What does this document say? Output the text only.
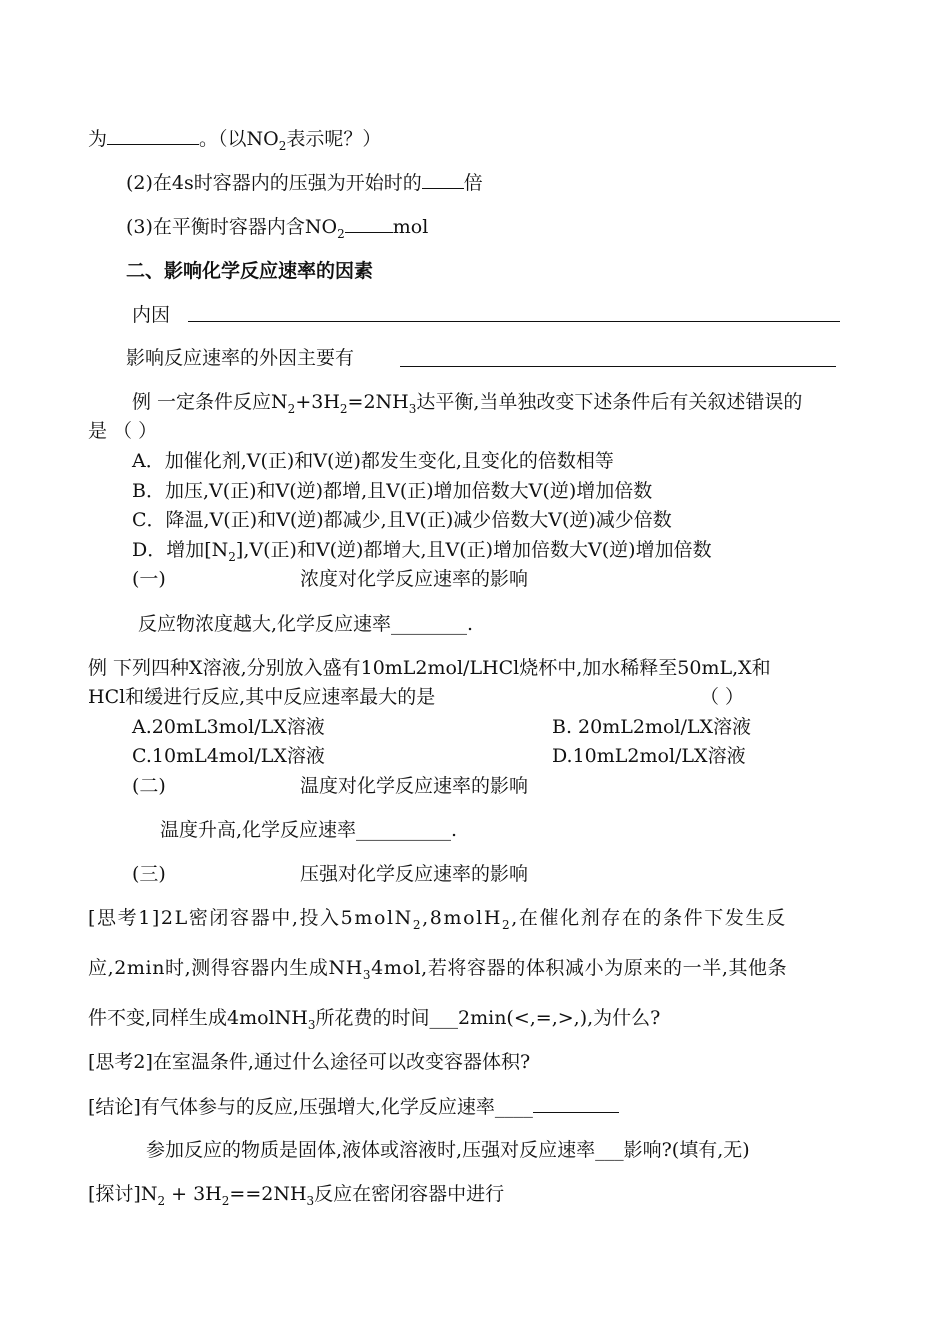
为	。（以$NO_2$表示呢？）
(2)在4s时容器内的压强为开始时的 倍
(3)在平衡时容器内含$NO_2$	mol
二、影响化学反应速率的因素
内因
影响反应速率的外因主要有
例 一定条件反应$N_2+3H_2=2NH_3$达平衡,当单独改变下述条件后有关叙述错误的
是 （ ）
A．加催化剂,V(正)和V(逆)都发生变化,且变化的倍数相等
B．加压,V(正)和V(逆)都增,且V(正)增加倍数大V(逆)增加倍数
C．降温,V(正)和V(逆)都减少,且V(正)减少倍数大V(逆)减少倍数
D．增加$[N_2],V$(正)和V(逆)都增大,且V(正)增加倍数大V(逆)增加倍数
(一)	浓度对化学反应速率的影响
反应物浓度越大,化学反应速率________.
例 下列四种X溶液,分别放入盛有10mL2mol/LHCl烧杯中,加水稀释至50mL,X和
HCl和缓进行反应,其中反应速率最大的是	（ ）
A.20mL3mol/LX溶液	B. 20mL2mol/LX溶液
C.10mL4mol/LX溶液	D.10mL2mol/LX溶液
(二)	温度对化学反应速率的影响
温度升高,化学反应速率__________.
(三)	压强对化学反应速率的影响
[思考1]2L密闭容器中,投入5molN$_2$,8molH$_2$,在催化剂存在的条件下发生反
应,2min时,测得容器内生成$NH_34mol$,若将容器的体积减小为原来的一半,其他条
件不变,同样生成4molNH$_3$所花费的时间___2min(<,=,>,),为什么?
[思考2]在室温条件,通过什么途径可以改变容器体积?
[结论]有气体参与的反应,压强增大,化学反应速率____
参加反应的物质是固体,液体或溶液时,压强对反应速率___影响?(填有,无)
[探讨]$N_2 + 3H_2==2NH_3$反应在密闭容器中进行
